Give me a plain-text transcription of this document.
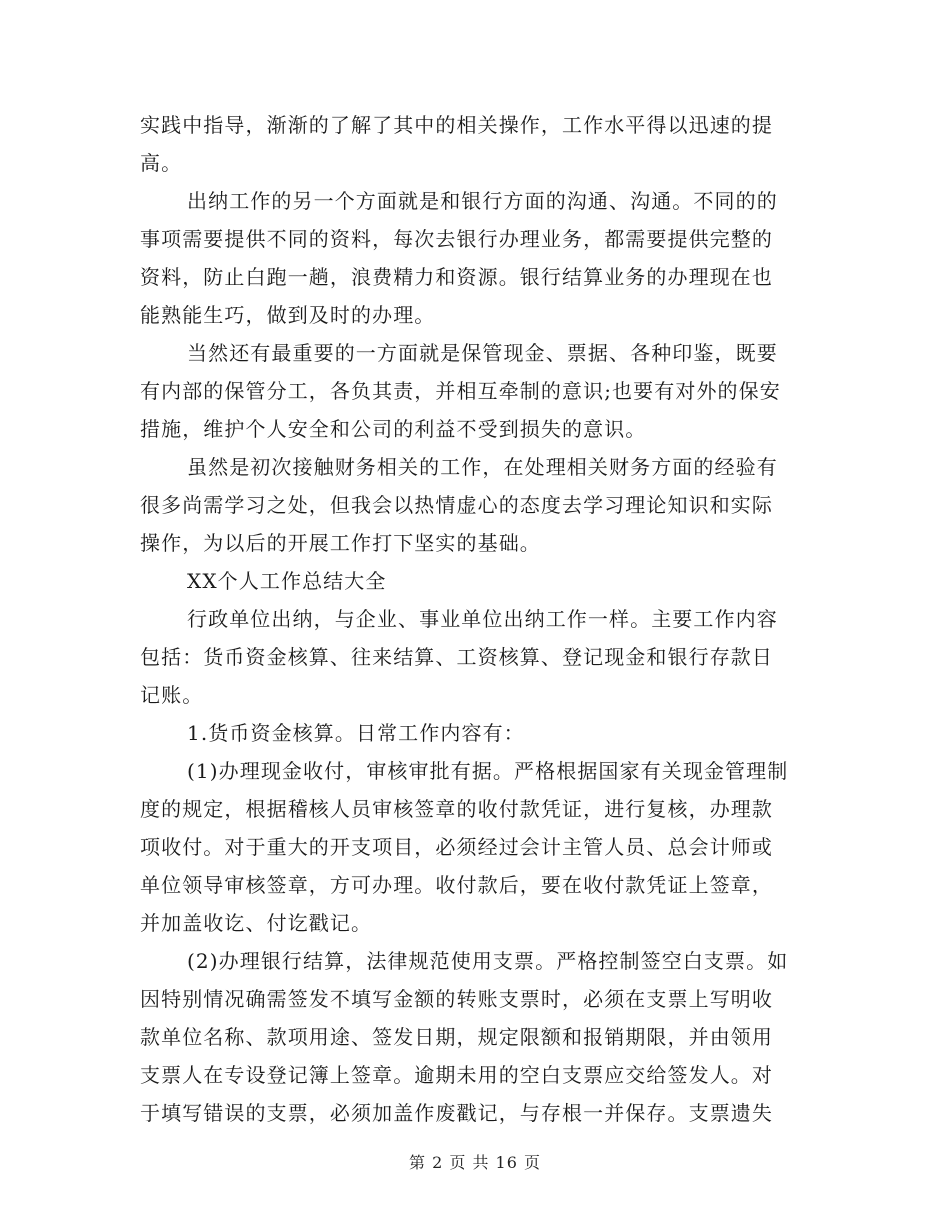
实践中指导，渐渐的了解了其中的相关操作，工作水平得以迅速的提
高。
出纳工作的另一个方面就是和银行方面的沟通、沟通。不同的的
事项需要提供不同的资料，每次去银行办理业务，都需要提供完整的
资料，防止白跑一趟，浪费精力和资源。银行结算业务的办理现在也
能熟能生巧，做到及时的办理。
当然还有最重要的一方面就是保管现金、票据、各种印鉴，既要
有内部的保管分工，各负其责，并相互牵制的意识;也要有对外的保安
措施，维护个人安全和公司的利益不受到损失的意识。
虽然是初次接触财务相关的工作，在处理相关财务方面的经验有
很多尚需学习之处，但我会以热情虚心的态度去学习理论知识和实际
操作，为以后的开展工作打下坚实的基础。
XX个人工作总结大全
行政单位出纳，与企业、事业单位出纳工作一样。主要工作内容
包括：货币资金核算、往来结算、工资核算、登记现金和银行存款日
记账。
1.货币资金核算。日常工作内容有：
(1)办理现金收付，审核审批有据。严格根据国家有关现金管理制
度的规定，根据稽核人员审核签章的收付款凭证，进行复核，办理款
项收付。对于重大的开支项目，必须经过会计主管人员、总会计师或
单位领导审核签章，方可办理。收付款后，要在收付款凭证上签章，
并加盖收讫、付讫戳记。
(2)办理银行结算，法律规范使用支票。严格控制签空白支票。如
因特别情况确需签发不填写金额的转账支票时，必须在支票上写明收
款单位名称、款项用途、签发日期，规定限额和报销期限，并由领用
支票人在专设登记簿上签章。逾期未用的空白支票应交给签发人。对
于填写错误的支票，必须加盖作废戳记，与存根一并保存。支票遗失
第 2 页 共 16 页
